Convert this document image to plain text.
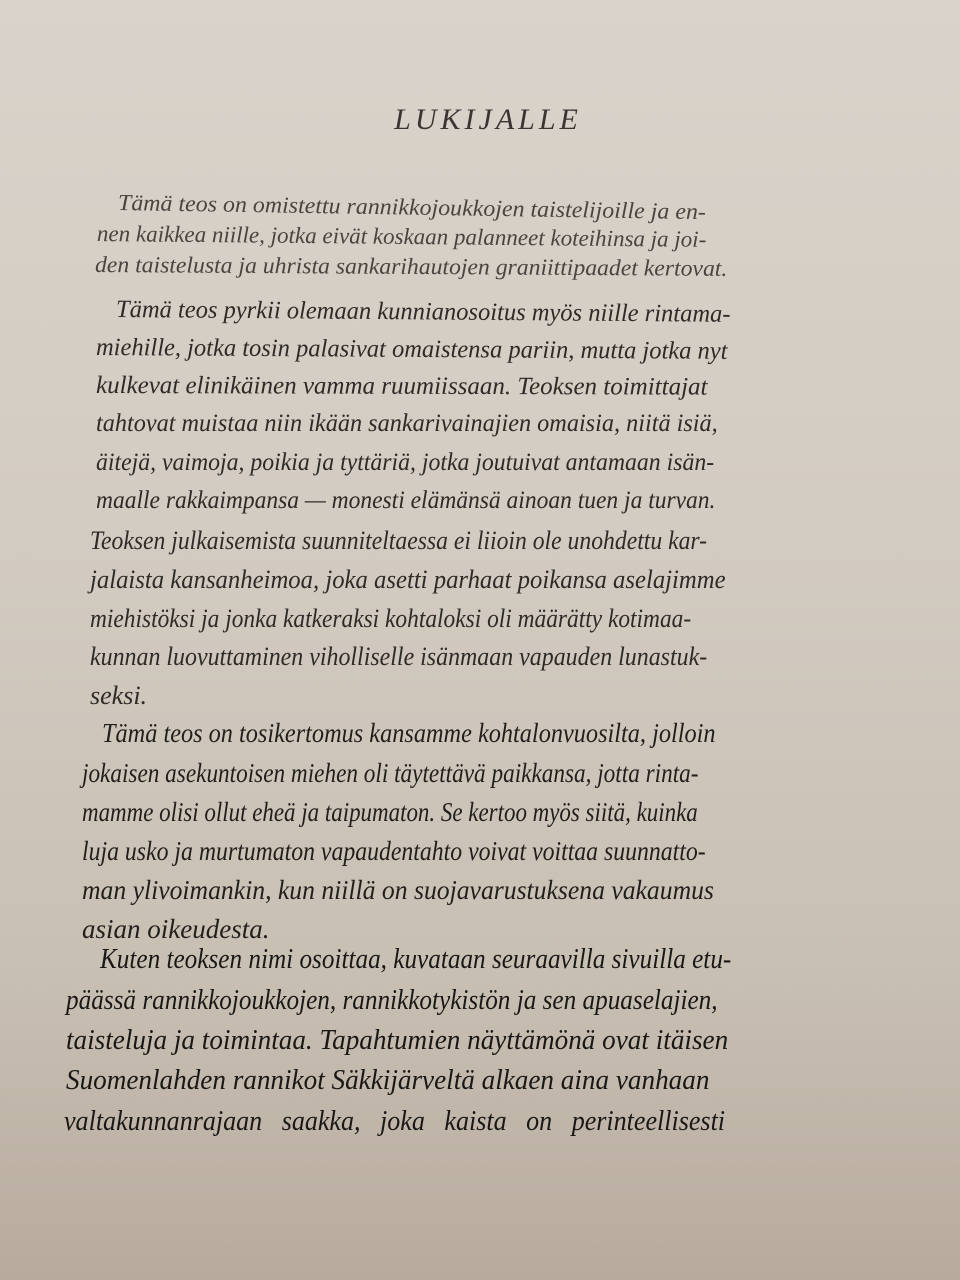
LUKIJALLE
Tämä teos on omistettu rannikkojoukkojen taistelijoille ja en-
nen kaikkea niille, jotka eivät koskaan palanneet koteihinsa ja joi-
den taistelusta ja uhrista sankarihautojen graniittipaadet kertovat.
Tämä teos pyrkii olemaan kunnianosoitus myös niille rintama-
miehille, jotka tosin palasivat omaistensa pariin, mutta jotka nyt
kulkevat elinikäinen vamma ruumiissaan. Teoksen toimittajat
tahtovat muistaa niin ikään sankarivainajien omaisia, niitä isiä,
äitejä, vaimoja, poikia ja tyttäriä, jotka joutuivat antamaan isän-
maalle rakkaimpansa — monesti elämänsä ainoan tuen ja turvan.
Teoksen julkaisemista suunniteltaessa ei liioin ole unohdettu kar-
jalaista kansanheimoa, joka asetti parhaat poikansa aselajimme
miehistöksi ja jonka katkeraksi kohtaloksi oli määrätty kotimaa-
kunnan luovuttaminen viholliselle isänmaan vapauden lunastuk-
seksi.
Tämä teos on tosikertomus kansamme kohtalonvuosilta, jolloin
jokaisen asekuntoisen miehen oli täytettävä paikkansa, jotta rinta-
mamme olisi ollut eheä ja taipumaton. Se kertoo myös siitä, kuinka
luja usko ja murtumaton vapaudentahto voivat voittaa suunnatto-
man ylivoimankin, kun niillä on suojavarustuksena vakaumus
asian oikeudesta.
Kuten teoksen nimi osoittaa, kuvataan seuraavilla sivuilla etu-
päässä rannikkojoukkojen, rannikkotykistön ja sen apuaselajien,
taisteluja ja toimintaa. Tapahtumien näyttämönä ovat itäisen
Suomenlahden rannikot Säkkijärveltä alkaen aina vanhaan
valtakunnanrajaan saakka, joka kaista on perinteellisesti
